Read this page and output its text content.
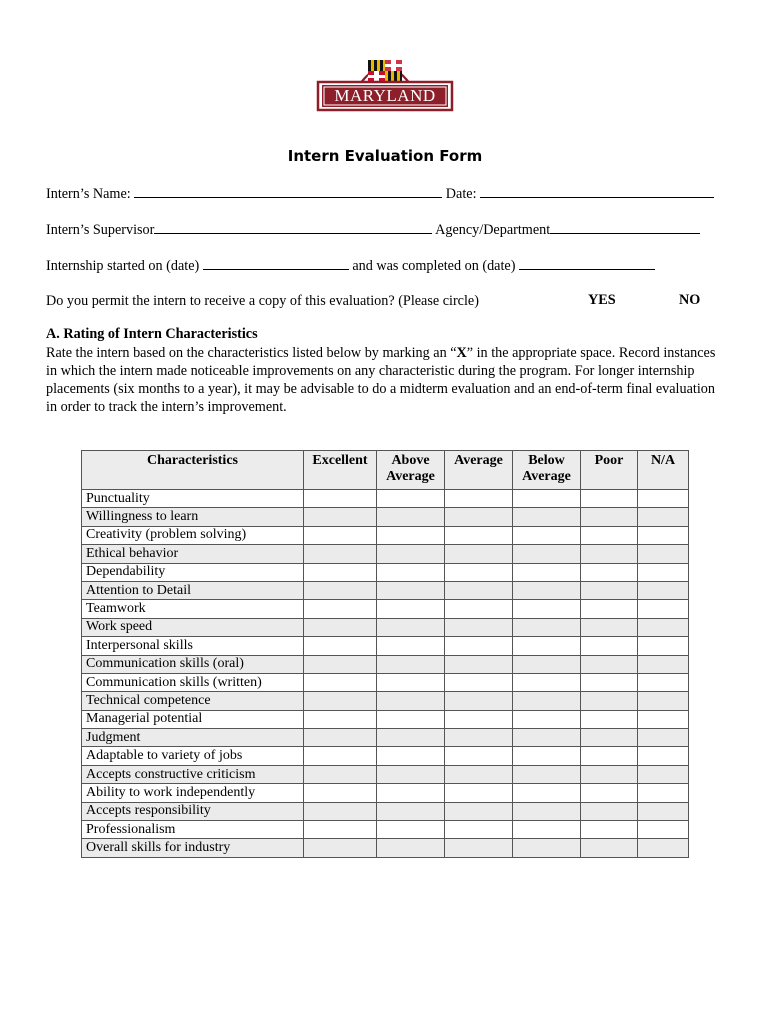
MARYLAND
Intern Evaluation Form
Intern’s Name:	Date:
Intern’s Supervisor	Agency/Department
Internship started on (date)	and was completed on (date)
Do you permit the intern to receive a copy of this evaluation? (Please circle)	YES	NO
A. Rating of Intern Characteristics
Rate the intern based on the characteristics listed below by marking an “X” in the appropriate space. Record instances in which the intern made noticeable improvements on any characteristic during the program. For longer internship placements (six months to a year), it may be advisable to do a midterm evaluation and an end-of-term final evaluation in order to track the intern’s improvement.
Characteristics	Excellent	Above Average	Average	Below Average	Poor	N/A
Punctuality						
Willingness to learn						
Creativity (problem solving)						
Ethical behavior						
Dependability						
Attention to Detail						
Teamwork						
Work speed						
Interpersonal skills						
Communication skills (oral)						
Communication skills (written)						
Technical competence						
Managerial potential						
Judgment						
Adaptable to variety of jobs						
Accepts constructive criticism						
Ability to work independently						
Accepts responsibility						
Professionalism						
Overall skills for industry						
